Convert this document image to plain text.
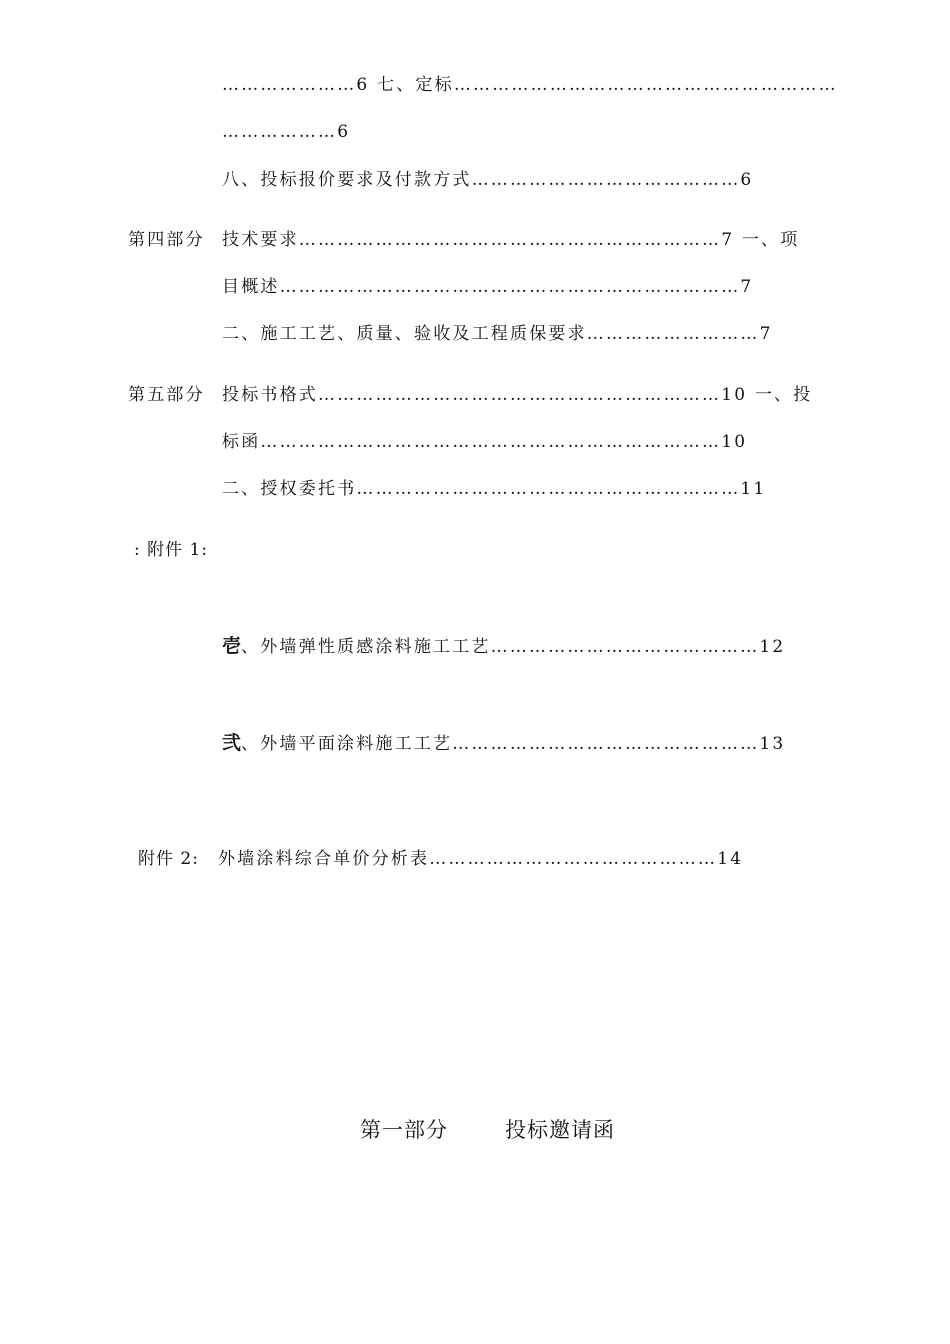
…………………6 七、定标……………………………………………………
………………6
八、投标报价要求及付款方式……………………………………6
第四部分 技术要求…………………………………………………………7 一、项
目概述………………………………………………………………7
二、施工工艺、质量、验收及工程质保要求………………………7
第五部分 投标书格式………………………………………………………10 一、投
标函………………………………………………………………10
二、授权委托书……………………………………………………11
: 附件 1:
壱、外墙弹性质感涂料施工工艺……………………………………12
弐、外墙平面涂料施工工艺…………………………………………13
附件 2: 外墙涂料综合单价分析表………………………………………14
第一部分	投标邀请函
